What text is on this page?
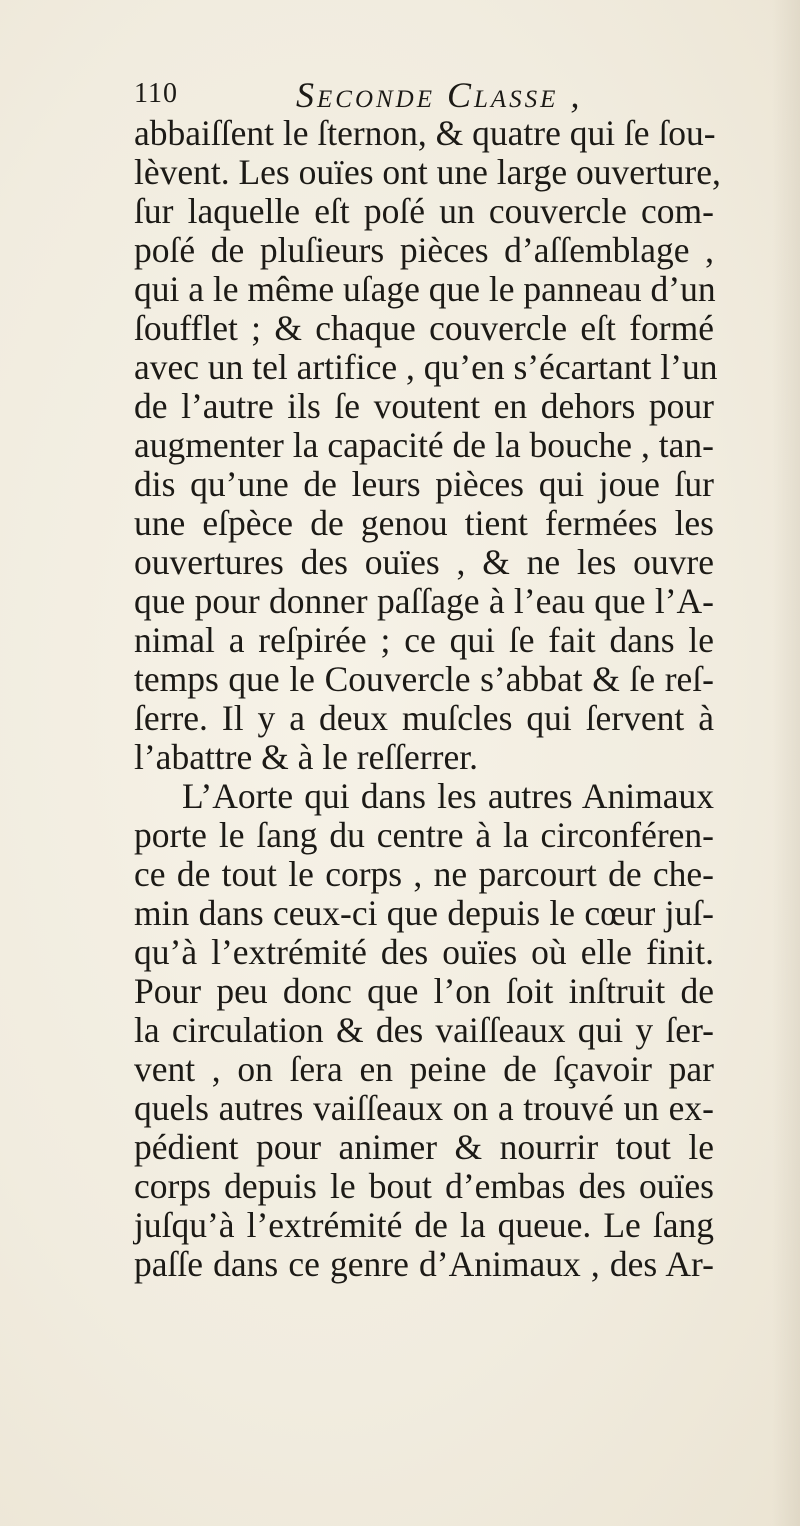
110	Seconde Classe ,
abbaiſſent le ſternon, & quatre qui ſe ſou-
lèvent. Les ouïes ont une large ouverture,
ſur laquelle eſt poſé un couvercle com-
poſé de pluſieurs pièces d’aſſemblage ,
qui a le même uſage que le panneau d’un
ſoufflet ; & chaque couvercle eſt formé
avec un tel artifice , qu’en s’écartant l’un
de l’autre ils ſe voutent en dehors pour
augmenter la capacité de la bouche , tan-
dis qu’une de leurs pièces qui joue ſur
une eſpèce de genou tient fermées les
ouvertures des ouïes , & ne les ouvre
que pour donner paſſage à l’eau que l’A-
nimal a reſpirée ; ce qui ſe fait dans le
temps que le Couvercle s’abbat & ſe reſ-
ſerre. Il y a deux muſcles qui ſervent à
l’abattre & à le reſſerrer.
L’Aorte qui dans les autres Animaux
porte le ſang du centre à la circonféren-
ce de tout le corps , ne parcourt de che-
min dans ceux-ci que depuis le cœur juſ-
qu’à l’extrémité des ouïes où elle finit.
Pour peu donc que l’on ſoit inſtruit de
la circulation & des vaiſſeaux qui y ſer-
vent , on ſera en peine de ſçavoir par
quels autres vaiſſeaux on a trouvé un ex-
pédient pour animer & nourrir tout le
corps depuis le bout d’embas des ouïes
juſqu’à l’extrémité de la queue. Le ſang
paſſe dans ce genre d’Animaux , des Ar-
